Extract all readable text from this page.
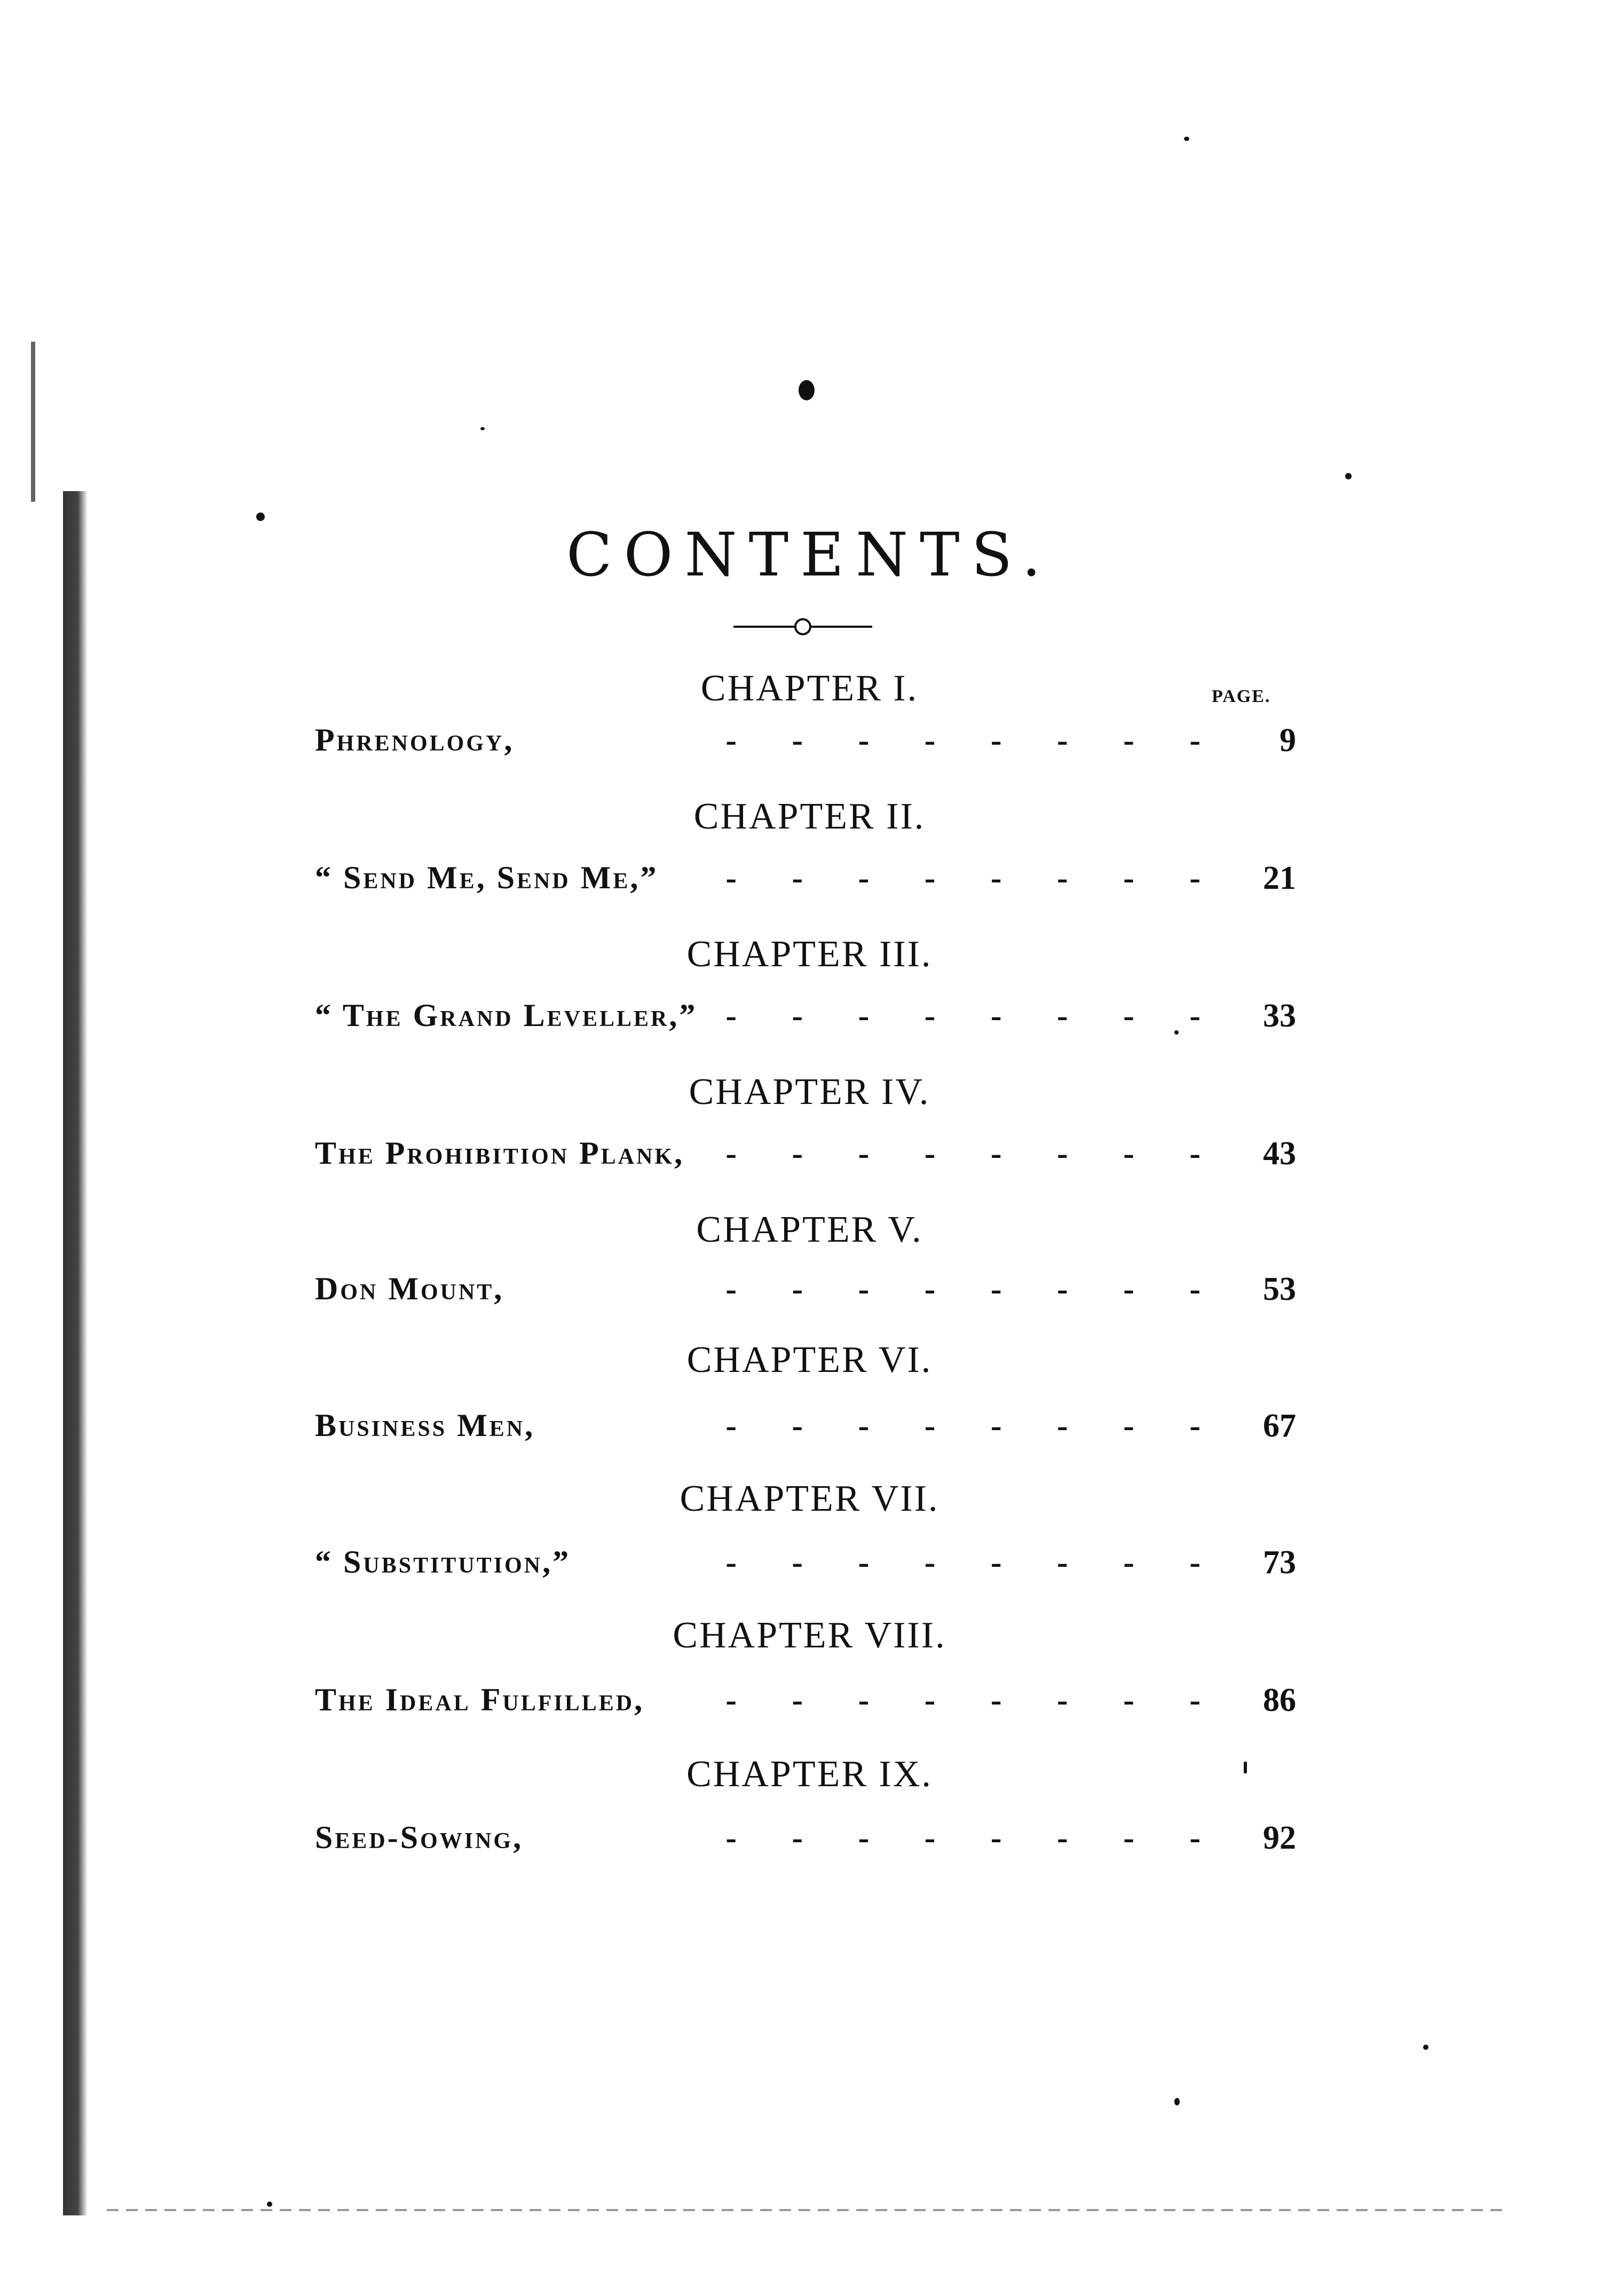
CONTENTS.
PAGE.
CHAPTER I.
Phrenology,	- - - - - - - -	9
CHAPTER II.
“ Send Me, Send Me,” - - - - - - - -	21
CHAPTER III.
“ The Grand Leveller,” - - - - - - - -	33
CHAPTER IV.
The Prohibition Plank, - - - - - - - -	43
CHAPTER V.
Don Mount,	- - - - - - - -	53
CHAPTER VI.
Business Men,	- - - - - - - -	67
CHAPTER VII.
“ Substitution,”	- - - - - - - -	73
CHAPTER VIII.
The Ideal Fulfilled, - - - - - - - -	86
CHAPTER IX.
Seed-Sowing,	- - - - - - - -	92
